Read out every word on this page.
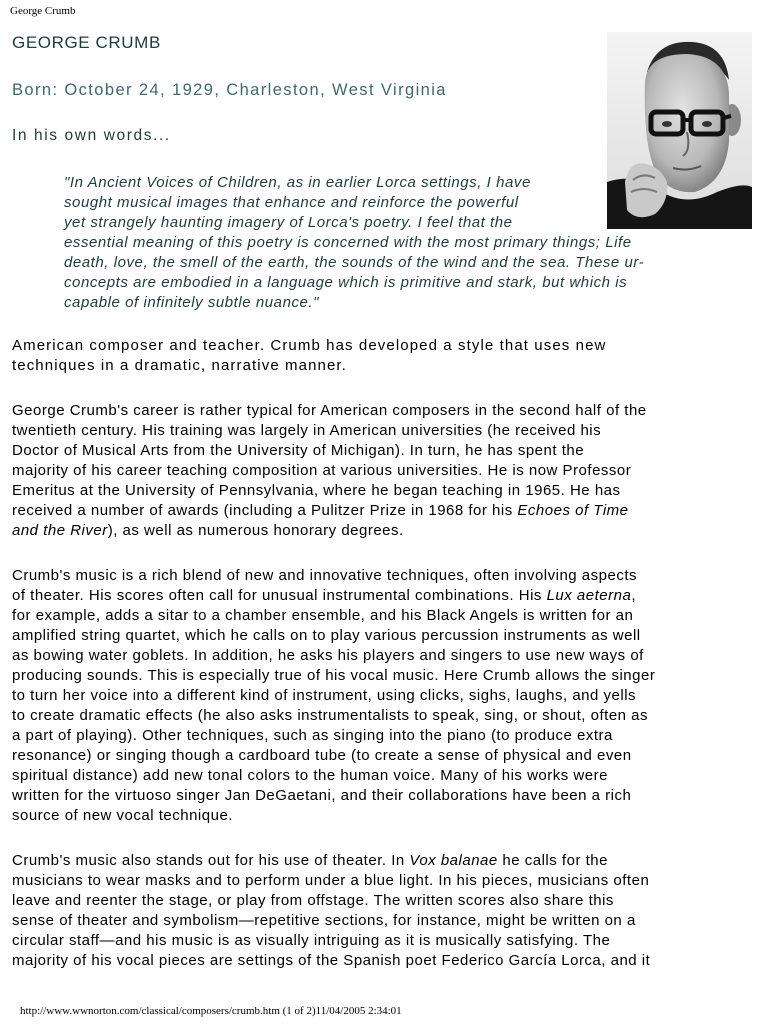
George Crumb
GEORGE CRUMB
Born: October 24, 1929, Charleston, West Virginia
In his own words...
"In Ancient Voices of Children, as in earlier Lorca settings, I have
sought musical images that enhance and reinforce the powerful
yet strangely haunting imagery of Lorca's poetry. I feel that the
essential meaning of this poetry is concerned with the most primary things; Life
death, love, the smell of the earth, the sounds of the wind and the sea. These ur-
concepts are embodied in a language which is primitive and stark, but which is
capable of infinitely subtle nuance."
American composer and teacher. Crumb has developed a style that uses new
techniques in a dramatic, narrative manner.
George Crumb's career is rather typical for American composers in the second half of the
twentieth century. His training was largely in American universities (he received his
Doctor of Musical Arts from the University of Michigan). In turn, he has spent the
majority of his career teaching composition at various universities. He is now Professor
Emeritus at the University of Pennsylvania, where he began teaching in 1965. He has
received a number of awards (including a Pulitzer Prize in 1968 for his Echoes of Time
and the River), as well as numerous honorary degrees.
Crumb's music is a rich blend of new and innovative techniques, often involving aspects
of theater. His scores often call for unusual instrumental combinations. His Lux aeterna,
for example, adds a sitar to a chamber ensemble, and his Black Angels is written for an
amplified string quartet, which he calls on to play various percussion instruments as well
as bowing water goblets. In addition, he asks his players and singers to use new ways of
producing sounds. This is especially true of his vocal music. Here Crumb allows the singer
to turn her voice into a different kind of instrument, using clicks, sighs, laughs, and yells
to create dramatic effects (he also asks instrumentalists to speak, sing, or shout, often as
a part of playing). Other techniques, such as singing into the piano (to produce extra
resonance) or singing though a cardboard tube (to create a sense of physical and even
spiritual distance) add new tonal colors to the human voice. Many of his works were
written for the virtuoso singer Jan DeGaetani, and their collaborations have been a rich
source of new vocal technique.
Crumb's music also stands out for his use of theater. In Vox balanae he calls for the
musicians to wear masks and to perform under a blue light. In his pieces, musicians often
leave and reenter the stage, or play from offstage. The written scores also share this
sense of theater and symbolism—repetitive sections, for instance, might be written on a
circular staff—and his music is as visually intriguing as it is musically satisfying. The
majority of his vocal pieces are settings of the Spanish poet Federico García Lorca, and it
http://www.wwnorton.com/classical/composers/crumb.htm (1 of 2)11/04/2005 2:34:01
